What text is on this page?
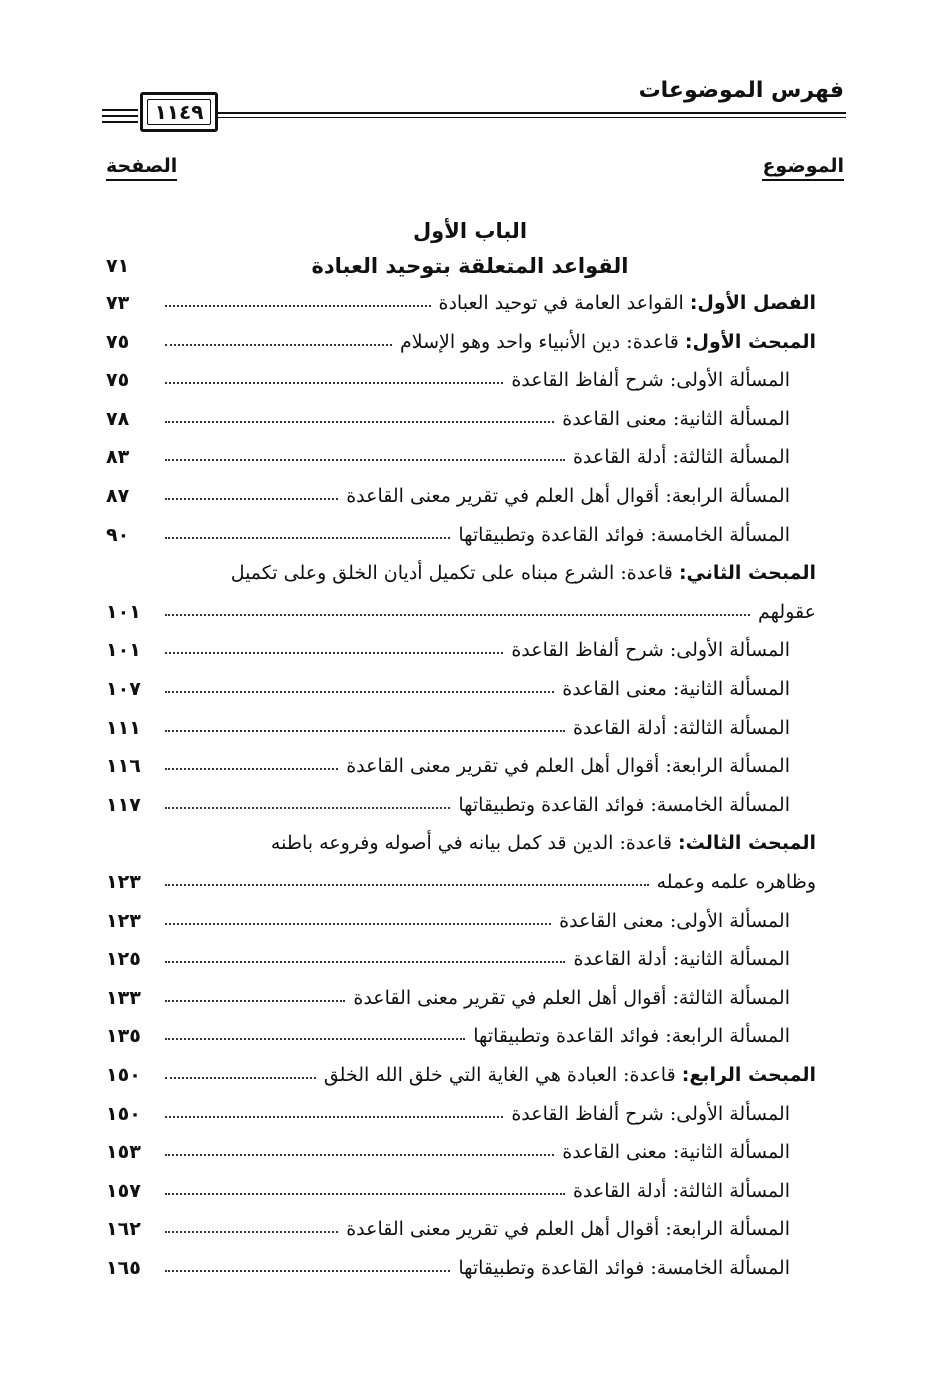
فهرس الموضوعات
١١٤٩
الموضوع
الصفحة
الباب الأول
القواعد المتعلقة بتوحيد العبادة
٧١
الفصل الأول: القواعد العامة في توحيد العبادة
٧٣
المبحث الأول: قاعدة: دين الأنبياء واحد وهو الإسلام
٧٥
المسألة الأولى: شرح ألفاظ القاعدة
٧٥
المسألة الثانية: معنى القاعدة
٧٨
المسألة الثالثة: أدلة القاعدة
٨٣
المسألة الرابعة: أقوال أهل العلم في تقرير معنى القاعدة
٨٧
المسألة الخامسة: فوائد القاعدة وتطبيقاتها
٩٠
المبحث الثاني: قاعدة: الشرع مبناه على تكميل أديان الخلق وعلى تكميل
عقولهم
١٠١
المسألة الأولى: شرح ألفاظ القاعدة
١٠١
المسألة الثانية: معنى القاعدة
١٠٧
المسألة الثالثة: أدلة القاعدة
١١١
المسألة الرابعة: أقوال أهل العلم في تقرير معنى القاعدة
١١٦
المسألة الخامسة: فوائد القاعدة وتطبيقاتها
١١٧
المبحث الثالث: قاعدة: الدين قد كمل بيانه في أصوله وفروعه باطنه
وظاهره علمه وعمله
١٢٣
المسألة الأولى: معنى القاعدة
١٢٣
المسألة الثانية: أدلة القاعدة
١٢٥
المسألة الثالثة: أقوال أهل العلم في تقرير معنى القاعدة
١٣٣
المسألة الرابعة: فوائد القاعدة وتطبيقاتها
١٣٥
المبحث الرابع: قاعدة: العبادة هي الغاية التي خلق الله الخلق
١٥٠
المسألة الأولى: شرح ألفاظ القاعدة
١٥٠
المسألة الثانية: معنى القاعدة
١٥٣
المسألة الثالثة: أدلة القاعدة
١٥٧
المسألة الرابعة: أقوال أهل العلم في تقرير معنى القاعدة
١٦٢
المسألة الخامسة: فوائد القاعدة وتطبيقاتها
١٦٥
